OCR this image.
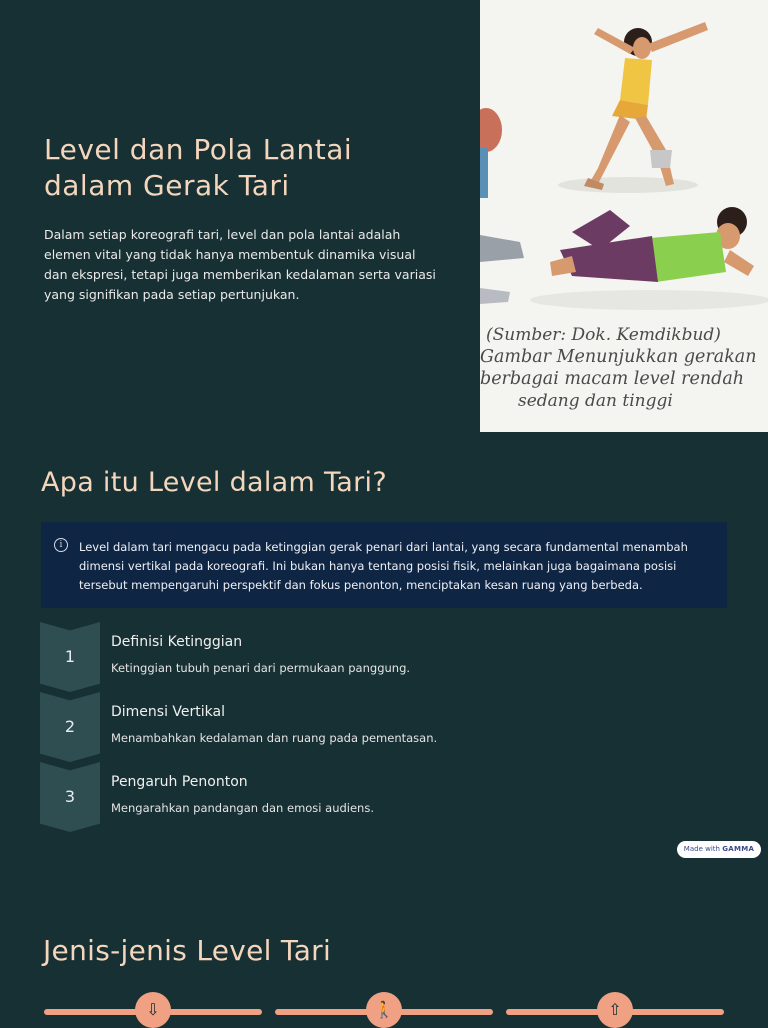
Level dan Pola Lantai dalam Gerak Tari

Dalam setiap koreografi tari, level dan pola lantai adalah elemen vital yang tidak hanya membentuk dinamika visual dan ekspresi, tetapi juga memberikan kedalaman serta variasi yang signifikan pada setiap pertunjukan.

(Sumber: Dok. Kemdikbud)
Gambar Menunjukkan gerakan
berbagai macam level rendah
sedang dan tinggi
Apa itu Level dalam Tari?
i	Level dalam tari mengacu pada ketinggian gerak penari dari lantai, yang secara fundamental menambah dimensi vertikal pada koreografi. Ini bukan hanya tentang posisi fisik, melainkan juga bagaimana posisi tersebut mempengaruhi perspektif dan fokus penonton, menciptakan kesan ruang yang berbeda.

1
Definisi Ketinggian

Ketinggian tubuh penari dari permukaan panggung.

2
Dimensi Vertikal

Menambahkan kedalaman dan ruang pada pementasan.

3
Pengaruh Penonton

Mengarahkan pandangan dan emosi audiens.

Made with GAMMA
Jenis-jenis Level Tari
⇩	🚶	⇧
